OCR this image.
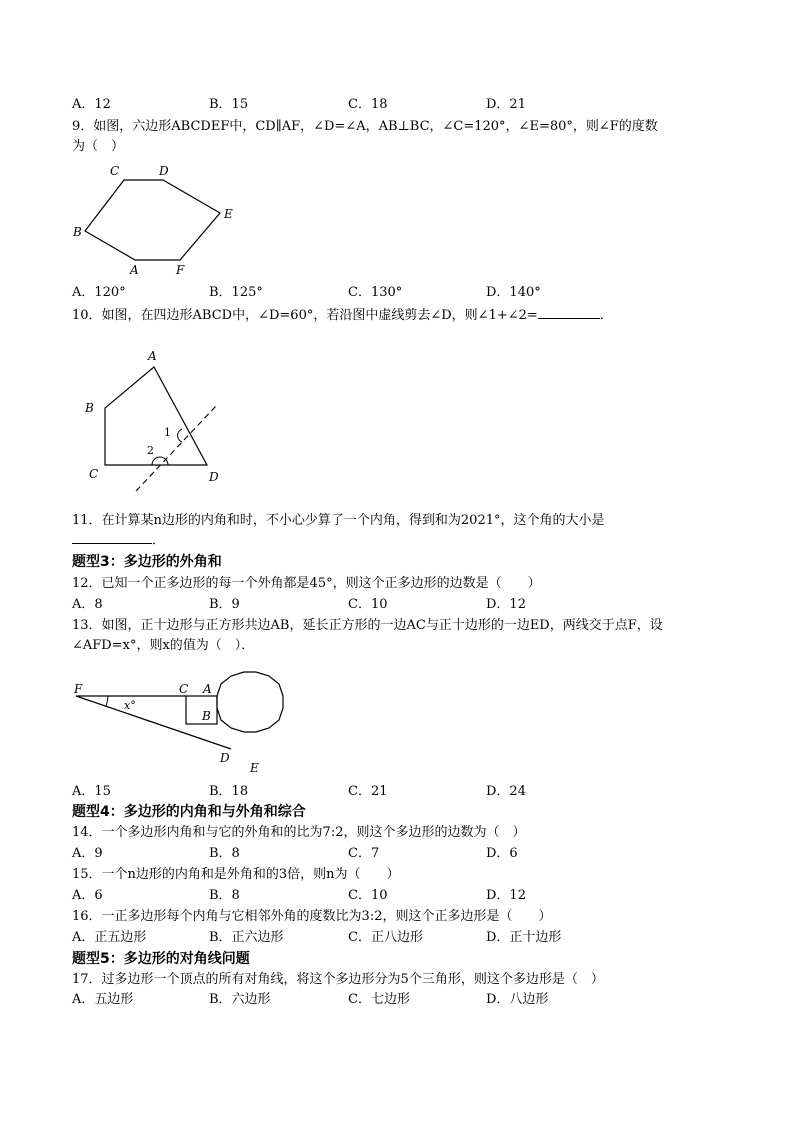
A．12	B．15	C．18	D．21
9．如图，六边形ABCDEF中，CD∥AF，∠D=∠A，AB⊥BC，∠C=120°，∠E=80°，则∠F的度数
为（　）
C	D
E
B
A	F
A．120°	B．125°	C．130°	D．140°
10．如图，在四边形ABCD中，∠D=60°，若沿图中虚线剪去∠D，则∠1+∠2=	．
A
B
C	D
1
2
11．在计算某n边形的内角和时，不小心少算了一个内角，得到和为2021°，这个角的大小是
．
题型3：多边形的外角和
12．已知一个正多边形的每一个外角都是45°，则这个正多边形的边数是（　　）
A．8	B．9	C．10	D．12
13．如图，正十边形与正方形共边AB，延长正方形的一边AC与正十边形的一边ED，两线交于点F，设
∠AFD=x°，则x的值为（　）．
F
x°
C A
B
D
E
A．15	B．18	C．21	D．24
题型4：多边形的内角和与外角和综合
14．一个多边形内角和与它的外角和的比为7:2，则这个多边形的边数为（　）
A．9	B．8	C．7	D．6
15．一个n边形的内角和是外角和的3倍，则n为（　　）
A．6	B．8	C．10	D．12
16．一正多边形每个内角与它相邻外角的度数比为3:2，则这个正多边形是（　　）
A．正五边形	B．正六边形	C．正八边形	D．正十边形
题型5：多边形的对角线问题
17．过多边形一个顶点的所有对角线，将这个多边形分为5个三角形，则这个多边形是（　）
A．五边形	B．六边形	C．七边形	D．八边形
